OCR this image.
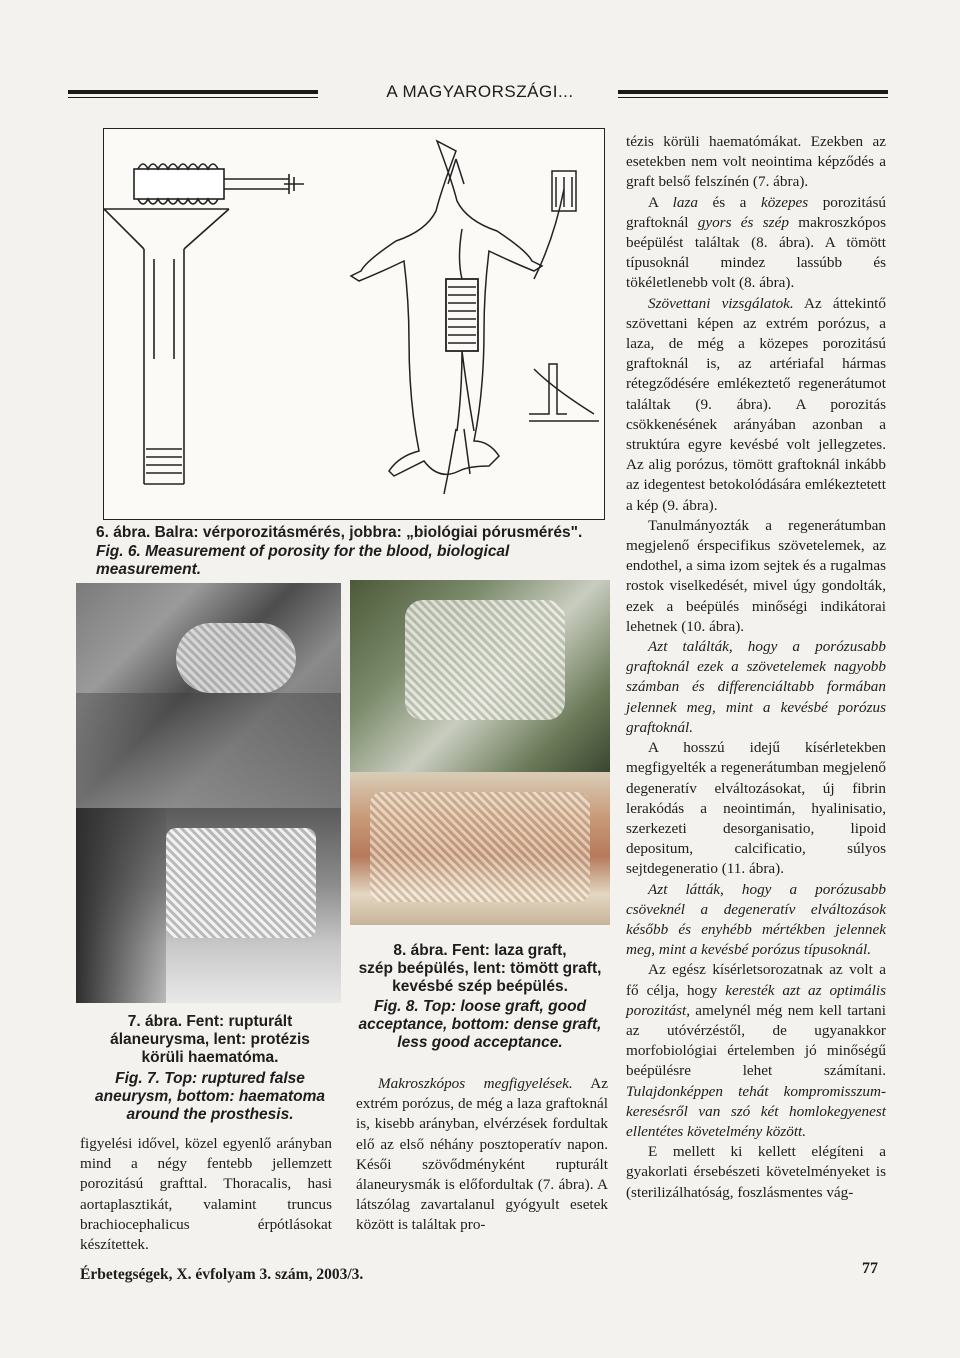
A MAGYARORSZÁGI...
6. ábra. Balra: vérporozitásmérés, jobbra: „biológiai pórusmérés".
Fig. 6. Measurement of porosity for the blood, biological measurement.
7. ábra. Fent: rupturált
álaneurysma, lent: protézis
körüli haematóma.
Fig. 7. Top: ruptured false
aneurysm, bottom: haematoma
around the prosthesis.
8. ábra. Fent: laza graft,
szép beépülés, lent: tömött graft,
kevésbé szép beépülés.
Fig. 8. Top: loose graft, good
acceptance, bottom: dense graft,
less good acceptance.

figyelési idővel, közel egyenlő arányban mind a négy fentebb jellemzett porozitású grafttal. Thoracalis, hasi aortaplasztikát, valamint truncus brachiocephalicus érpótlásokat készítettek.

Makroszkópos megfigyelések. Az extrém porózus, de még a laza graftoknál is, kisebb arányban, elvérzések fordultak elő az első néhány posztoperatív napon. Késői szövődményként rupturált álaneurysmák is előfordultak (7. ábra). A látszólag zavartalanul gyógyult esetek között is találtak pro-

tézis körüli haematómákat. Ezekben az esetekben nem volt neointima képződés a graft belső felszínén (7. ábra).

A laza és a közepes porozitású graftoknál gyors és szép makroszkópos beépülést találtak (8. ábra). A tömött típusoknál mindez lassúbb és tökéletlenebb volt (8. ábra).

Szövettani vizsgálatok. Az áttekintő szövettani képen az extrém porózus, a laza, de még a közepes porozitású graftoknál is, az artériafal hármas rétegződésére emlékeztető regenerátumot találtak (9. ábra). A porozitás csökkenésének arányában azonban a struktúra egyre kevésbé volt jellegzetes. Az alig porózus, tömött graftoknál inkább az idegentest betokolódására emlékeztetett a kép (9. ábra).

Tanulmányozták a regenerátumban megjelenő érspecifikus szövetelemek, az endothel, a sima izom sejtek és a rugalmas rostok viselkedését, mivel úgy gondolták, ezek a beépülés minőségi indikátorai lehetnek (10. ábra).

Azt találták, hogy a porózusabb graftoknál ezek a szövetelemek nagyobb számban és differenciáltabb formában jelennek meg, mint a kevésbé porózus graftoknál.

A hosszú idejű kísérletekben megfigyelték a regenerátumban megjelenő degeneratív elváltozásokat, új fibrin lerakódás a neointimán, hyalinisatio, szerkezeti desorganisatio, lipoid depositum, calcificatio, súlyos sejtdegeneratio (11. ábra).

Azt látták, hogy a porózusabb csöveknél a degeneratív elváltozások később és enyhébb mértékben jelennek meg, mint a kevésbé porózus típusoknál.

Az egész kísérletsorozatnak az volt a fő célja, hogy keresték azt az optimális porozitást, amelynél még nem kell tartani az utóvérzéstől, de ugyanakkor morfobiológiai értelemben jó minőségű beépülésre lehet számítani. Tulajdonképpen tehát kompromisszum-keresésről van szó két homlokegyenest ellentétes követelmény között.

E mellett ki kellett elégíteni a gyakorlati érsebészeti követelményeket is (sterilizálhatóság, foszlásmentes vág-

Érbetegségek, X. évfolyam 3. szám, 2003/3.	77
